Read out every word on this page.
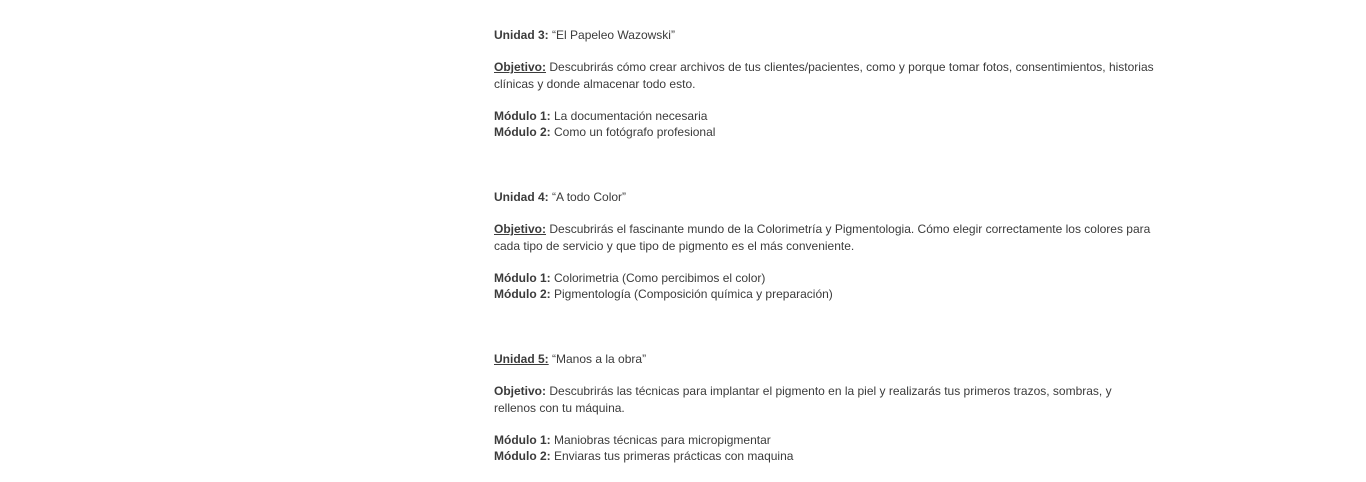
Unidad 3: “El Papeleo Wazowski”

Objetivo: Descubrirás cómo crear archivos de tus clientes/pacientes, como y porque tomar fotos, consentimientos, historias clínicas y donde almacenar todo esto.

Módulo 1: La documentación necesaria

Módulo 2: Como un fotógrafo profesional

Unidad 4: “A todo Color”

Objetivo: Descubrirás el fascinante mundo de la Colorimetría y Pigmentologia. Cómo elegir correctamente los colores para cada tipo de servicio y que tipo de pigmento es el más conveniente.

Módulo 1: Colorimetria (Como percibimos el color)

Módulo 2: Pigmentología (Composición química y preparación)

Unidad 5: “Manos a la obra”

Objetivo: Descubrirás las técnicas para implantar el pigmento en la piel y realizarás tus primeros trazos, sombras, y rellenos con tu máquina.

Módulo 1: Maniobras técnicas para micropigmentar

Módulo 2: Enviaras tus primeras prácticas con maquina
